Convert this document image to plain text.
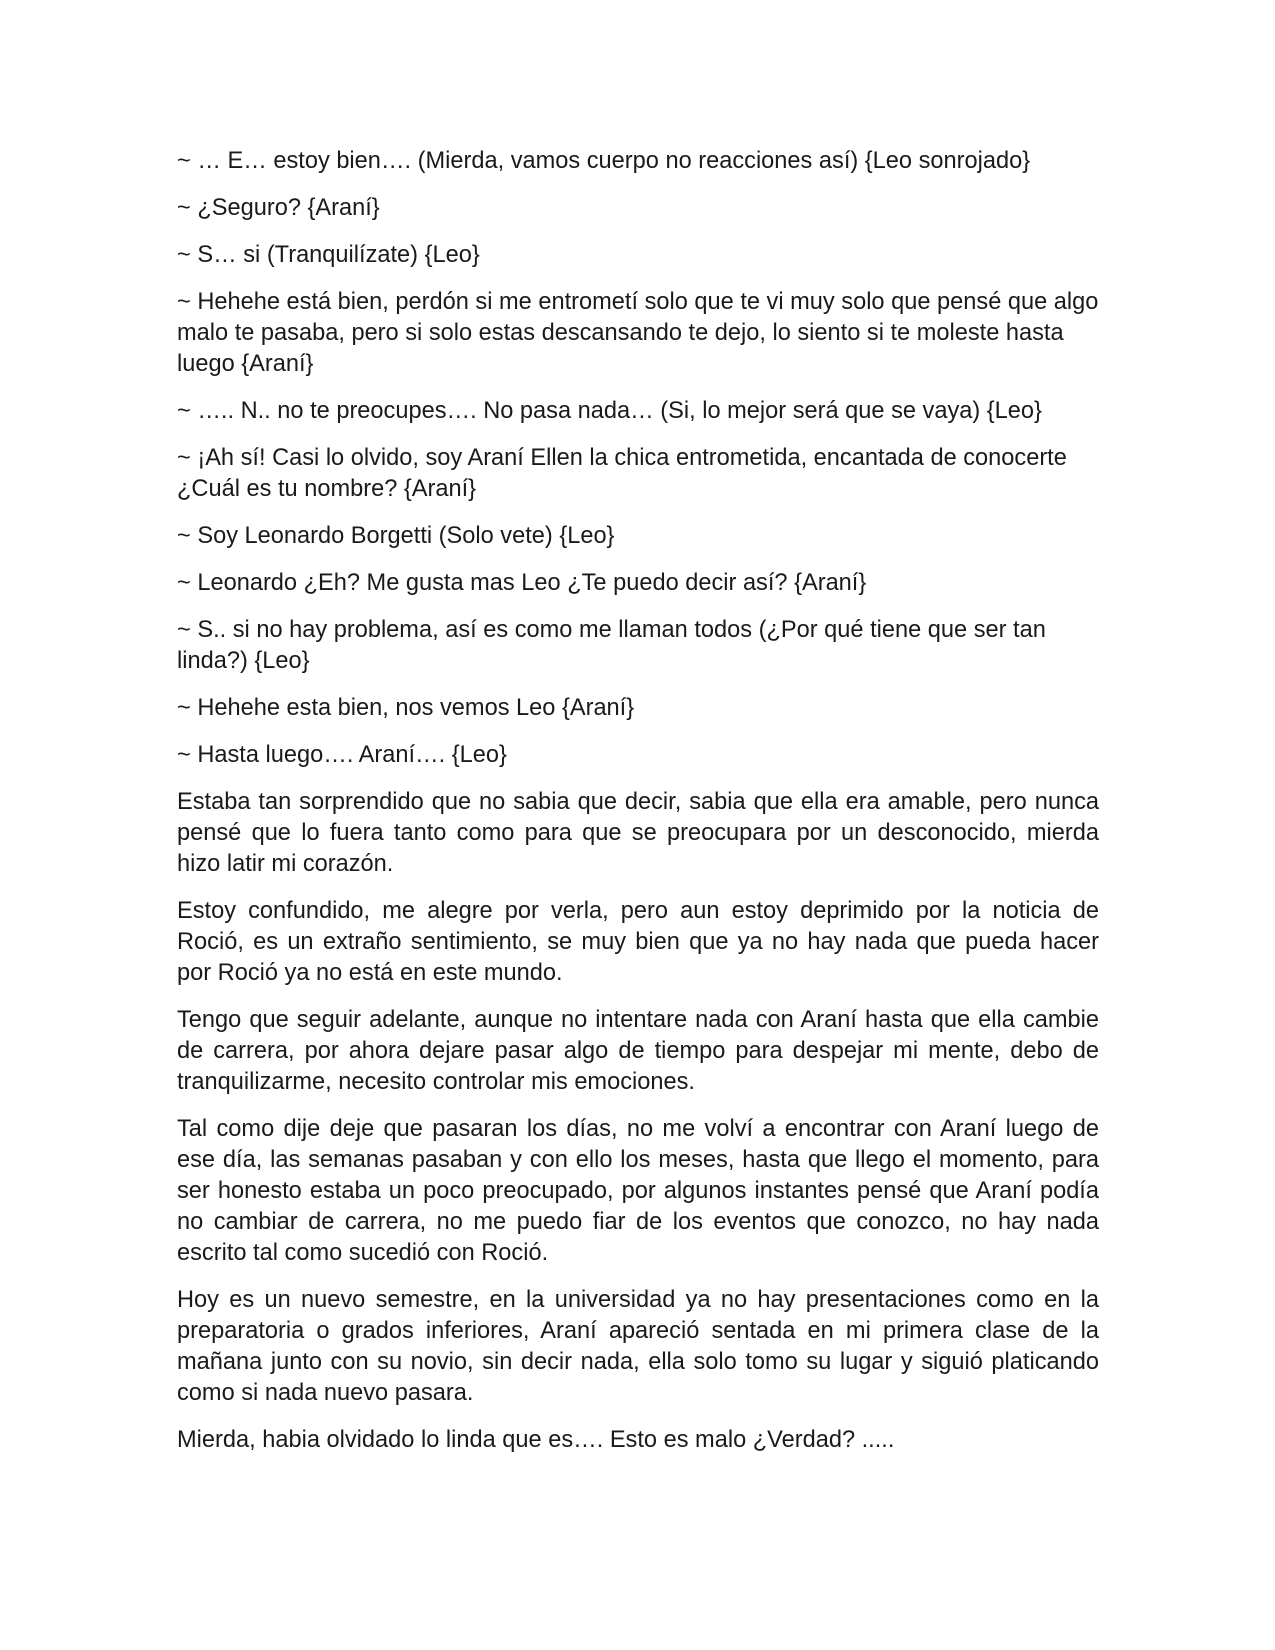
~ … E… estoy bien…. (Mierda, vamos cuerpo no reacciones así) {Leo sonrojado}

~ ¿Seguro? {Araní}

~ S… si (Tranquilízate) {Leo}

~ Hehehe está bien, perdón si me entrometí solo que te vi muy solo que pensé que algo malo te pasaba, pero si solo estas descansando te dejo, lo siento si te moleste hasta luego {Araní}

~ ….. N.. no te preocupes…. No pasa nada… (Si, lo mejor será que se vaya) {Leo}

~ ¡Ah sí! Casi lo olvido, soy Araní Ellen la chica entrometida, encantada de conocerte ¿Cuál es tu nombre? {Araní}

~ Soy Leonardo Borgetti (Solo vete) {Leo}

~ Leonardo ¿Eh? Me gusta mas Leo ¿Te puedo decir así? {Araní}

~ S.. si no hay problema, así es como me llaman todos (¿Por qué tiene que ser tan linda?) {Leo}

~ Hehehe esta bien, nos vemos Leo {Araní}

~ Hasta luego…. Araní…. {Leo}

Estaba tan sorprendido que no sabia que decir, sabia que ella era amable, pero nunca pensé que lo fuera tanto como para que se preocupara por un desconocido, mierda hizo latir mi corazón.

Estoy confundido, me alegre por verla, pero aun estoy deprimido por la noticia de Roció, es un extraño sentimiento, se muy bien que ya no hay nada que pueda hacer por Roció ya no está en este mundo.

Tengo que seguir adelante, aunque no intentare nada con Araní hasta que ella cambie de carrera, por ahora dejare pasar algo de tiempo para despejar mi mente, debo de tranquilizarme, necesito controlar mis emociones.

Tal como dije deje que pasaran los días, no me volví a encontrar con Araní luego de ese día, las semanas pasaban y con ello los meses, hasta que llego el momento, para ser honesto estaba un poco preocupado, por algunos instantes pensé que Araní podía no cambiar de carrera, no me puedo fiar de los eventos que conozco, no hay nada escrito tal como sucedió con Roció.

Hoy es un nuevo semestre, en la universidad ya no hay presentaciones como en la preparatoria o grados inferiores, Araní apareció sentada en mi primera clase de la mañana junto con su novio, sin decir nada, ella solo tomo su lugar y siguió platicando como si nada nuevo pasara.

Mierda, habia olvidado lo linda que es…. Esto es malo ¿Verdad? .....
